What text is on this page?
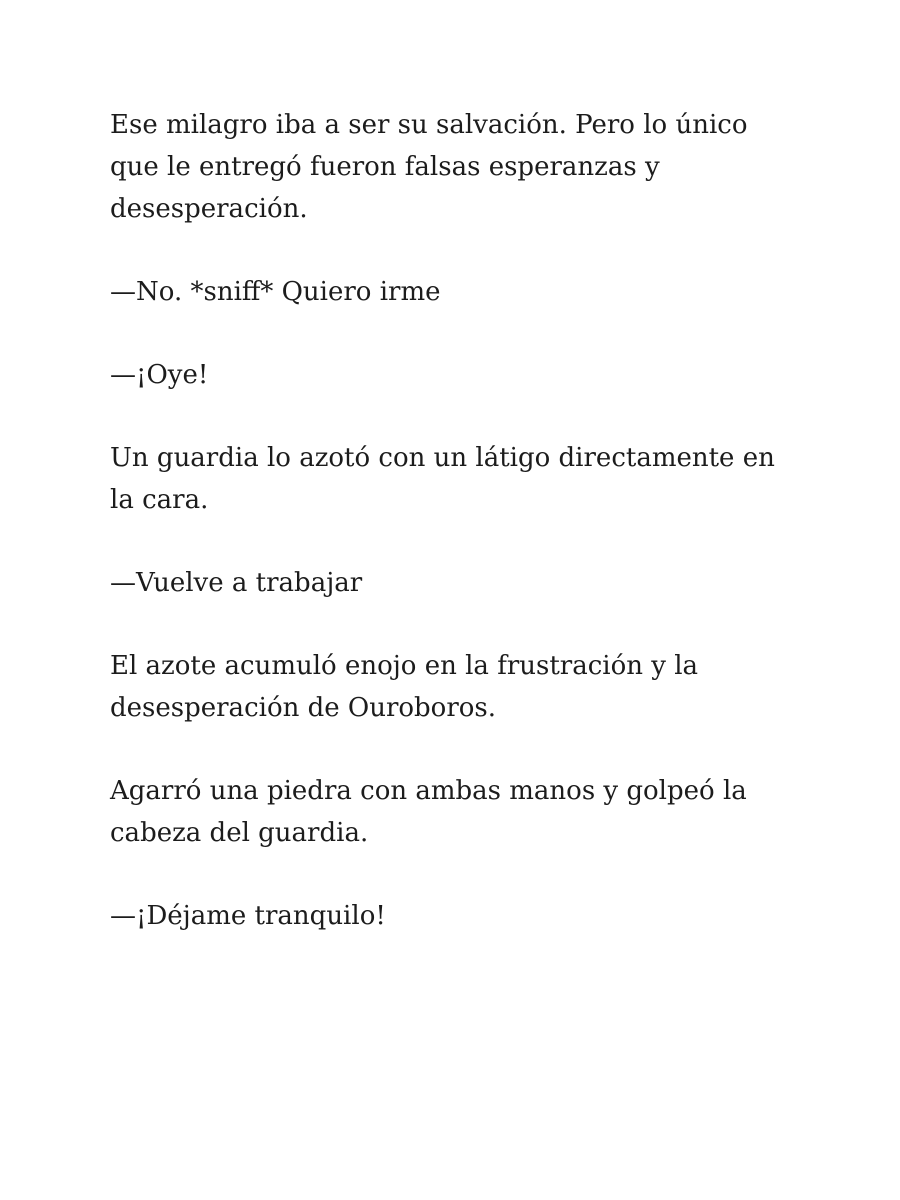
Ese milagro iba a ser su salvación. Pero lo único que le entregó fueron falsas esperanzas y desesperación.

—No. *sniff* Quiero irme

—¡Oye!

Un guardia lo azotó con un látigo directamente en la cara.

—Vuelve a trabajar

El azote acumuló enojo en la frustración y la desesperación de Ouroboros.

Agarró una piedra con ambas manos y golpeó la cabeza del guardia.

—¡Déjame tranquilo!
